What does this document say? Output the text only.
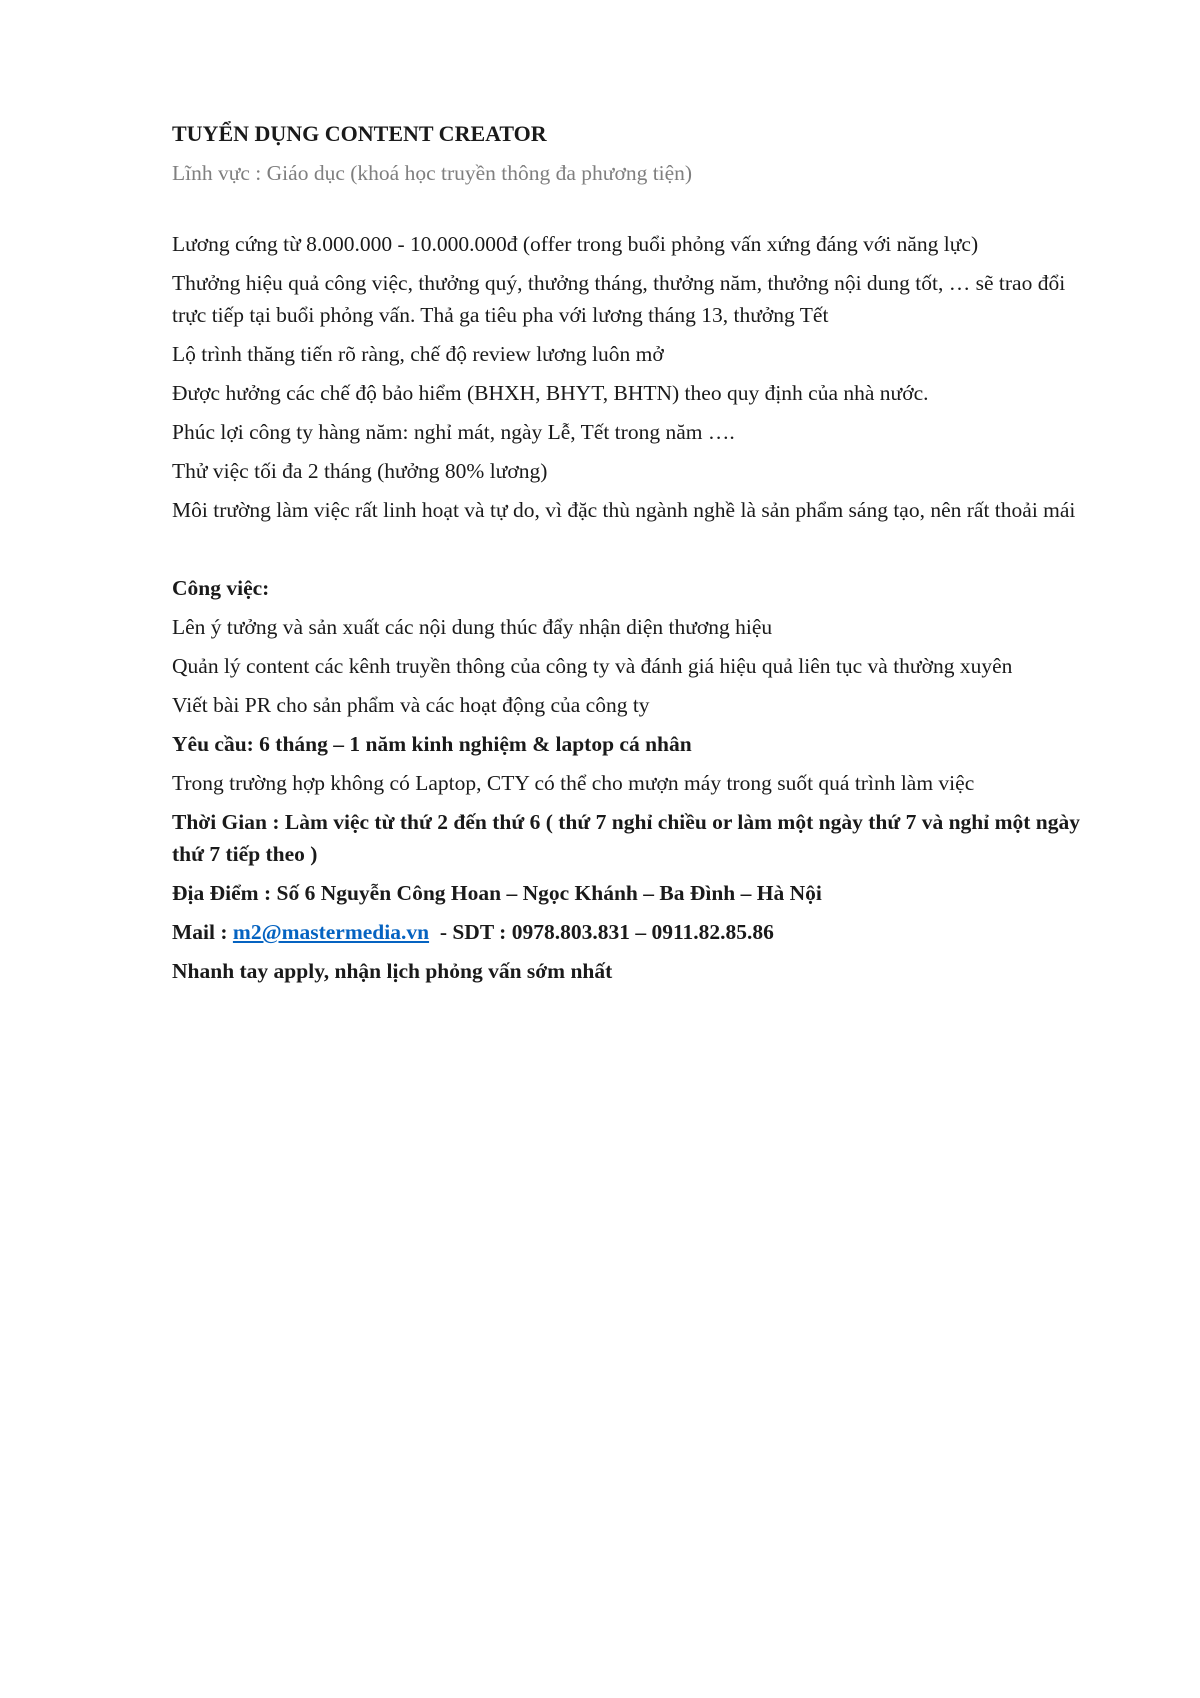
TUYỂN DỤNG CONTENT CREATOR
Lĩnh vực : Giáo dục (khoá học truyền thông đa phương tiện)
Lương cứng từ 8.000.000 - 10.000.000đ (offer trong buổi phỏng vấn xứng đáng với năng lực)
Thưởng hiệu quả công việc, thưởng quý, thưởng tháng, thưởng năm, thưởng nội dung tốt, … sẽ trao đổi trực tiếp tại buổi phỏng vấn. Thả ga tiêu pha với lương tháng 13, thưởng Tết
Lộ trình thăng tiến rõ ràng, chế độ review lương luôn mở
Được hưởng các chế độ bảo hiểm (BHXH, BHYT, BHTN) theo quy định của nhà nước.
Phúc lợi công ty hàng năm: nghỉ mát, ngày Lễ, Tết trong năm ….
Thử việc tối đa 2 tháng (hưởng 80% lương)
Môi trường làm việc rất linh hoạt và tự do, vì đặc thù ngành nghề là sản phẩm sáng tạo, nên rất thoải mái
Công việc:
Lên ý tưởng và sản xuất các nội dung thúc đẩy nhận diện thương hiệu
Quản lý content các kênh truyền thông của công ty và đánh giá hiệu quả liên tục và thường xuyên
Viết bài PR cho sản phẩm và các hoạt động của công ty
Yêu cầu: 6 tháng – 1 năm kinh nghiệm & laptop cá nhân
Trong trường hợp không có Laptop, CTY có thể cho mượn máy trong suốt quá trình làm việc
Thời Gian : Làm việc từ thứ 2 đến thứ 6 ( thứ 7 nghỉ chiều or làm một ngày thứ 7 và nghỉ một ngày thứ 7 tiếp theo )
Địa Điểm : Số 6 Nguyễn Công Hoan – Ngọc Khánh – Ba Đình – Hà Nội
Mail : m2@mastermedia.vn  - SDT : 0978.803.831 – 0911.82.85.86
Nhanh tay apply, nhận lịch phỏng vấn sớm nhất
